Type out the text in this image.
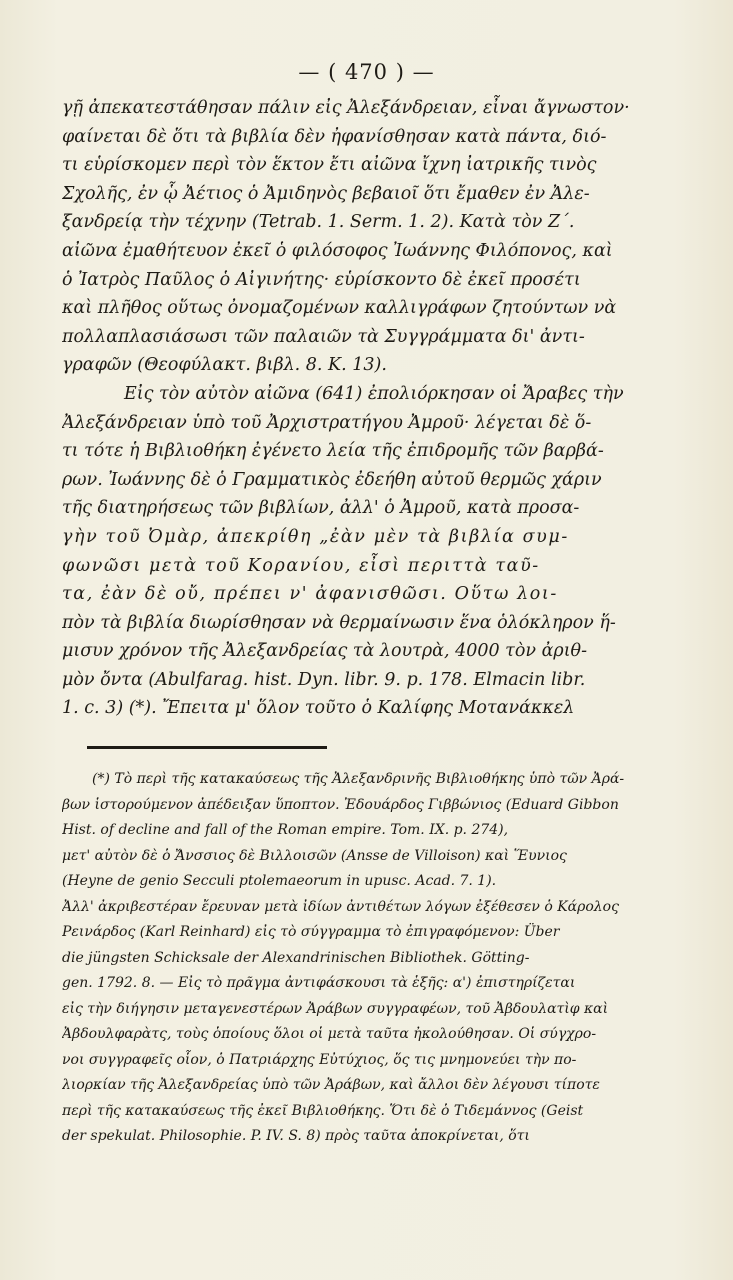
— ( 470 ) —
γῇ ἀπεκατεστάθησαν πάλιν εἰς Ἀλεξάνδρειαν, εἶναι ἄγνωστον·
φαίνεται δὲ ὅτι τὰ βιβλία δὲν ἠφανίσθησαν κατὰ πάντα, διό-
τι εὑρίσκομεν περὶ τὸν ἕκτον ἔτι αἰῶνα ἴχνη ἰατρικῆς τινὸς
Σχολῆς, ἐν ᾧ Ἀέτιος ὁ Ἀμιδηνὸς βεβαιοῖ ὅτι ἔμαθεν ἐν Ἀλε-
ξανδρείᾳ τὴν τέχνην (Tetrab. 1. Serm. 1. 2). Κατὰ τὸν Ζ΄.
αἰῶνα ἐμαθήτευον ἐκεῖ ὁ φιλόσοφος Ἰωάννης Φιλόπονος, καὶ
ὁ Ἰατρὸς Παῦλος ὁ Αἰγινήτης· εὑρίσκοντο δὲ ἐκεῖ προσέτι
καὶ πλῆθος οὕτως ὀνομαζομένων καλλιγράφων ζητούντων νὰ
πολλαπλασιάσωσι τῶν παλαιῶν τὰ Συγγράμματα δι' ἀντι-
γραφῶν (Θεοφύλακτ. βιβλ. 8. Κ. 13).
Εἰς τὸν αὐτὸν αἰῶνα (641) ἐπολιόρκησαν οἱ Ἄραβες τὴν
Ἀλεξάνδρειαν ὑπὸ τοῦ Ἀρχιστρατήγου Ἀμροῦ· λέγεται δὲ ὅ-
τι τότε ἡ Βιβλιοθήκη ἐγένετο λεία τῆς ἐπιδρομῆς τῶν βαρβά-
ρων. Ἰωάννης δὲ ὁ Γραμματικὸς ἐδεήθη αὐτοῦ θερμῶς χάριν
τῆς διατηρήσεως τῶν βιβλίων, ἀλλ' ὁ Ἀμροῦ, κατὰ προσα-
γὴν τοῦ Ὀμὰρ, ἀπεκρίθη „ἐὰν μὲν τὰ βιβλία συμ-
φωνῶσι μετὰ τοῦ Κορανίου, εἶσὶ περιττὰ ταῦ-
τα, ἐὰν δὲ οὔ, πρέπει ν' ἀφανισθῶσι. Οὕτω λοι-
πὸν τὰ βιβλία διωρίσθησαν νὰ θερμαίνωσιν ἕνα ὁλόκληρον ἥ-
μισυν χρόνον τῆς Ἀλεξανδρείας τὰ λουτρὰ, 4000 τὸν ἀριθ-
μὸν ὄντα (Abulfarag. hist. Dyn. libr. 9. p. 178. Elmacin libr.
1. c. 3) (*). Ἔπειτα μ' ὅλον τοῦτο ὁ Καλίφης Μοτανάκκελ
(*) Τὸ περὶ τῆς κατακαύσεως τῆς Ἀλεξανδρινῆς Βιβλιοθήκης ὑπὸ τῶν Ἀρά-
βων ἱστορούμενον ἀπέδειξαν ὕποπτον. Ἐδουάρδος Γιββώνιος (Eduard Gibbon
Hist. of decline and fall of the Roman empire. Tom. IX. p. 274),
μετ' αὐτὸν δὲ ὁ Ἄνσσιος δὲ Βιλλοισῶν (Ansse de Villoison) καὶ Ἕυνιος
(Heyne de genio Secculi ptolemaeorum in upusc. Acad. 7. 1).
Ἀλλ' ἀκριβεστέραν ἔρευναν μετὰ ἰδίων ἀντιθέτων λόγων ἐξέθεσεν ὁ Κάρολος
Ρεινάρδος (Karl Reinhard) εἰς τὸ σύγγραμμα τὸ ἐπιγραφόμενον: Über
die jüngsten Schicksale der Alexandrinischen Bibliothek. Götting-
gen. 1792. 8. — Εἰς τὸ πρᾶγμα ἀντιφάσκουσι τὰ ἑξῆς: α') ἐπιστηρίζεται
εἰς τὴν διήγησιν μεταγενεστέρων Ἀράβων συγγραφέων, τοῦ Ἀβδουλατὶφ καὶ
Ἀβδουλφαρὰτς, τοὺς ὁποίους ὅλοι οἱ μετὰ ταῦτα ἠκολούθησαν. Οἱ σύγχρο-
νοι συγγραφεῖς οἷον, ὁ Πατριάρχης Εὐτύχιος, ὅς τις μνημονεύει τὴν πο-
λιορκίαν τῆς Ἀλεξανδρείας ὑπὸ τῶν Ἀράβων, καὶ ἄλλοι δὲν λέγουσι τίποτε
περὶ τῆς κατακαύσεως τῆς ἐκεῖ Βιβλιοθήκης. Ὅτι δὲ ὁ Τιδεμάννος (Geist
der spekulat. Philosophie. P. IV. S. 8) πρὸς ταῦτα ἀποκρίνεται, ὅτι
